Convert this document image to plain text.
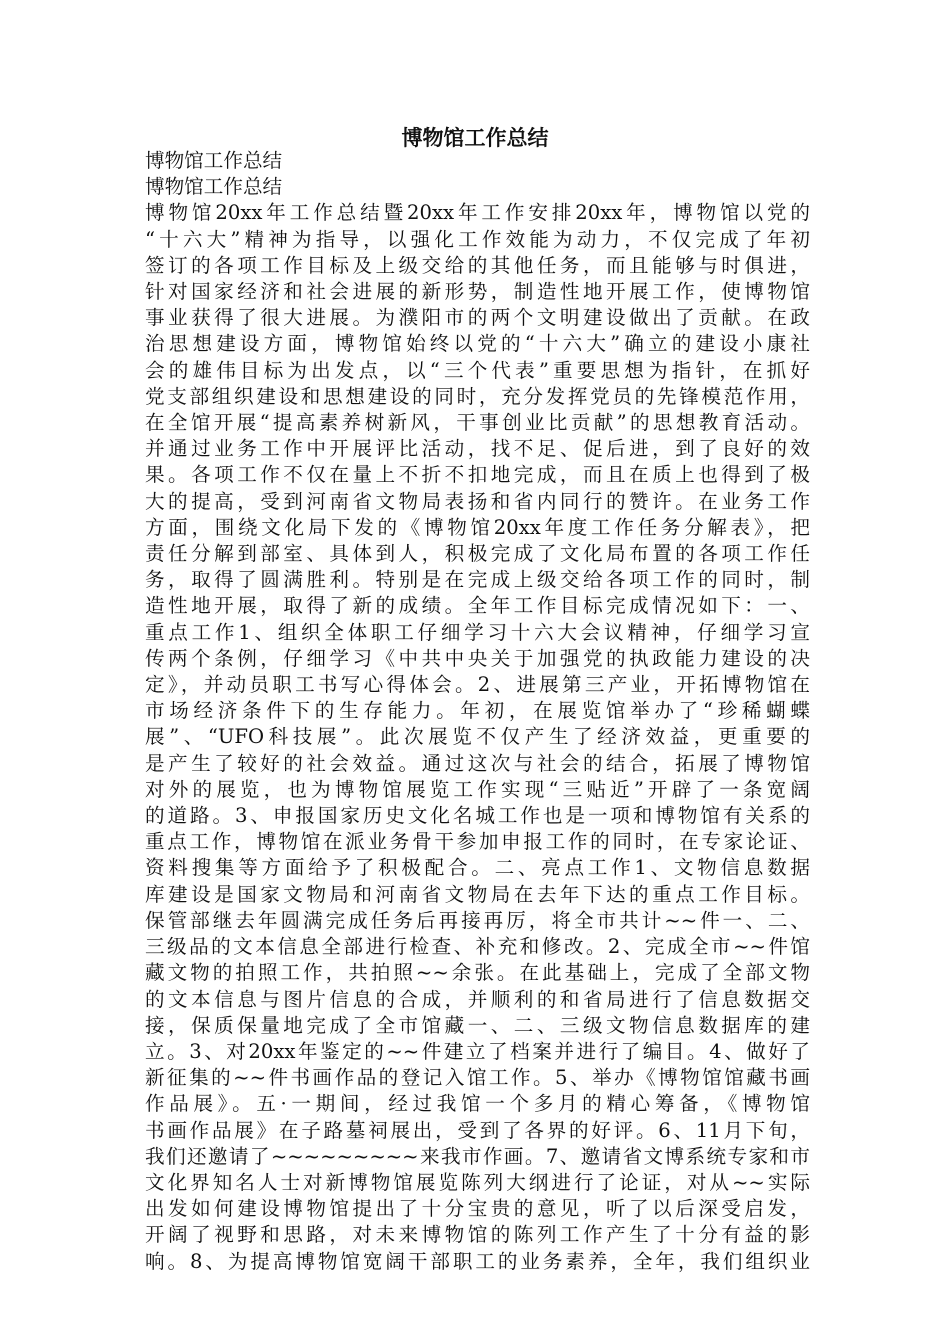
博物馆工作总结
博物馆工作总结
博物馆工作总结
博物馆20xx年工作总结暨20xx年工作安排20xx年，博物馆以党的
“十六大”精神为指导，以强化工作效能为动力，不仅完成了年初
签订的各项工作目标及上级交给的其他任务，而且能够与时俱进，
针对国家经济和社会进展的新形势，制造性地开展工作，使博物馆
事业获得了很大进展。为濮阳市的两个文明建设做出了贡献。在政
治思想建设方面，博物馆始终以党的“十六大”确立的建设小康社
会的雄伟目标为出发点，以“三个代表”重要思想为指针，在抓好
党支部组织建设和思想建设的同时，充分发挥党员的先锋模范作用，
在全馆开展“提高素养树新风，干事创业比贡献”的思想教育活动。
并通过业务工作中开展评比活动，找不足、促后进，到了良好的效
果。各项工作不仅在量上不折不扣地完成，而且在质上也得到了极
大的提高，受到河南省文物局表扬和省内同行的赞许。在业务工作
方面，围绕文化局下发的《博物馆20xx年度工作任务分解表》，把
责任分解到部室、具体到人，积极完成了文化局布置的各项工作任
务，取得了圆满胜利。特别是在完成上级交给各项工作的同时，制
造性地开展，取得了新的成绩。全年工作目标完成情况如下：一、
重点工作1、组织全体职工仔细学习十六大会议精神，仔细学习宣
传两个条例，仔细学习《中共中央关于加强党的执政能力建设的决
定》，并动员职工书写心得体会。2、进展第三产业，开拓博物馆在
市场经济条件下的生存能力。年初，在展览馆举办了“珍稀蝴蝶
展”、“UFO科技展”。此次展览不仅产生了经济效益，更重要的
是产生了较好的社会效益。通过这次与社会的结合，拓展了博物馆
对外的展览，也为博物馆展览工作实现“三贴近”开辟了一条宽阔
的道路。3、申报国家历史文化名城工作也是一项和博物馆有关系的
重点工作，博物馆在派业务骨干参加申报工作的同时，在专家论证、
资料搜集等方面给予了积极配合。二、亮点工作1、文物信息数据
库建设是国家文物局和河南省文物局在去年下达的重点工作目标。
保管部继去年圆满完成任务后再接再厉，将全市共计~~件一、二、
三级品的文本信息全部进行检查、补充和修改。2、完成全市~~件馆
藏文物的拍照工作，共拍照~~余张。在此基础上，完成了全部文物
的文本信息与图片信息的合成，并顺利的和省局进行了信息数据交
接，保质保量地完成了全市馆藏一、二、三级文物信息数据库的建
立。3、对20xx年鉴定的~~件建立了档案并进行了编目。4、做好了
新征集的~~件书画作品的登记入馆工作。5、举办《博物馆馆藏书画
作品展》。五·一期间，经过我馆一个多月的精心筹备，《博物馆
书画作品展》在子路墓祠展出，受到了各界的好评。6、11月下旬，
我们还邀请了~~~~~~~~~来我市作画。7、邀请省文博系统专家和市
文化界知名人士对新博物馆展览陈列大纲进行了论证，对从~~实际
出发如何建设博物馆提出了十分宝贵的意见，听了以后深受启发，
开阔了视野和思路，对未来博物馆的陈列工作产生了十分有益的影
响。8、为提高博物馆宽阔干部职工的业务素养，全年，我们组织业
